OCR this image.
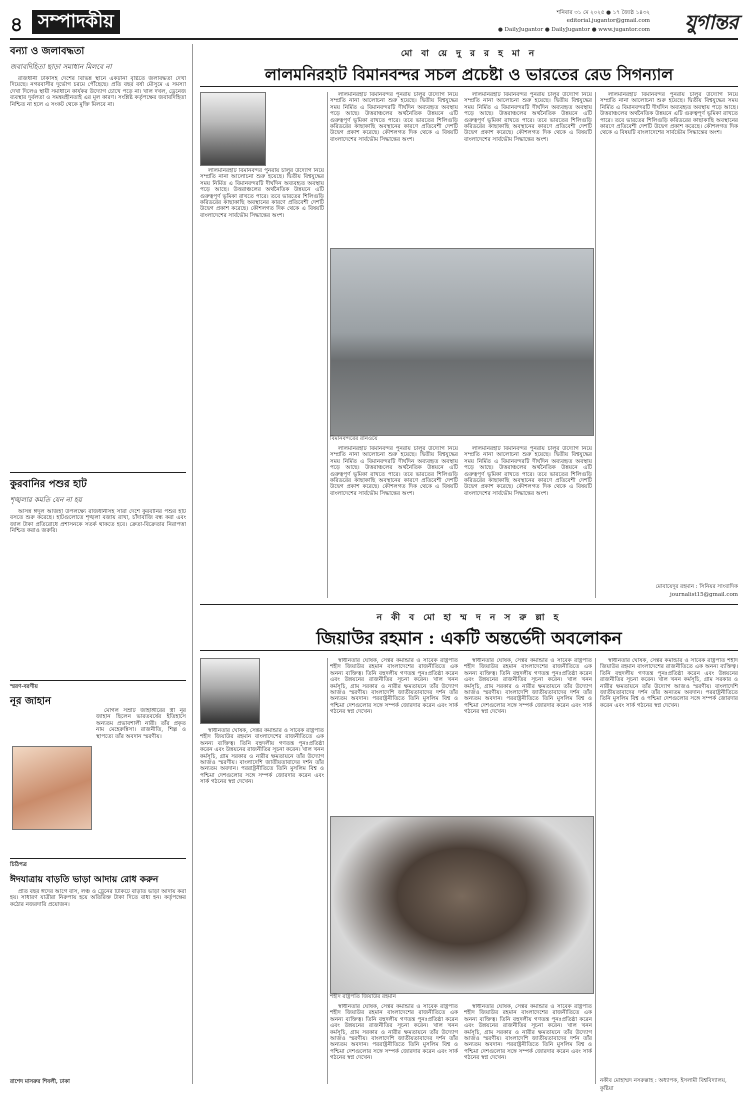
৪ সম্পাদকীয়	শনিবার ৩১ মে ২০২৫ ● ১৭ জ্যৈষ্ঠ ১৪৩২
editorial.jugantor@gmail.com
● DailyJugantor ● DailyJugantor ● www.jugantor.com	যুগান্তর
বন্যা ও জলাবদ্ধতা
জবাবদিহিতা ছাড়া সমাধান মিলবে না

রাজধানী ঢাকাসহ দেশের বিভিন্ন স্থানে একটানা বৃষ্টিতে জলাবদ্ধতা দেখা দিয়েছে। নগরবাসীর দুর্ভোগ চরমে পৌঁছেছে। প্রতি বছর বর্ষা মৌসুমে এ সমস্যা দেখা দিলেও স্থায়ী সমাধানে কার্যকর উদ্যোগ চোখে পড়ে না। খাল দখল, ড্রেনেজ ব্যবস্থার দুর্বলতা ও সমন্বয়হীনতাই এর মূল কারণ। সংশ্লিষ্ট কর্তৃপক্ষের জবাবদিহিতা নিশ্চিত না হলে এ সংকট থেকে মুক্তি মিলবে না।

কুরবানির পশুর হাট
শৃঙ্খলার কমতি যেন না হয়

আসন্ন ঈদুল আজহা উপলক্ষ্যে রাজধানীসহ সারা দেশে কুরবানির পশুর হাট বসতে শুরু করেছে। হাটগুলোতে শৃঙ্খলা বজায় রাখা, চাঁদাবাজি বন্ধ করা এবং জাল টাকা প্রতিরোধে প্রশাসনকে সতর্ক থাকতে হবে। ক্রেতা-বিক্রেতার নিরাপত্তা নিশ্চিত করাও জরুরি।

স্মরণ-বরণীয়
নূর জাহান

মোগল সম্রাট জাহাঙ্গীরের স্ত্রী নূর জাহান ছিলেন ভারতবর্ষের ইতিহাসে অন্যতম প্রভাবশালী নারী। তাঁর প্রকৃত নাম মেহেরুন্নিসা। রাজনীতি, শিল্প ও স্থাপত্যে তাঁর অবদান স্মরণীয়।

চিঠিপত্র
ঈদযাত্রায় বাড়তি ভাড়া আদায় রোধ করুন

প্রতি বছর ঈদের আগে বাস, লঞ্চ ও ট্রেনের টিকিটে বাড়তি ভাড়া আদায় করা হয়। সাধারণ যাত্রীরা নিরুপায় হয়ে অতিরিক্ত টাকা দিতে বাধ্য হন। কর্তৃপক্ষের কঠোর নজরদারি প্রয়োজন।

রাশেদ মাসরুর শিবলী, ঢাকা
মো বা য়ে দু র র হ মা ন
লালমনিরহাট বিমানবন্দর সচল প্রচেষ্টা ও ভারতের রেড সিগন্যাল

লালমনিরহাট বিমানবন্দর পুনরায় চালুর উদ্যোগ নিয়ে সম্প্রতি নানা আলোচনা শুরু হয়েছে। দ্বিতীয় বিশ্বযুদ্ধের সময় নির্মিত এ বিমানবন্দরটি দীর্ঘদিন অব্যবহৃত অবস্থায় পড়ে আছে। উত্তরাঞ্চলের অর্থনৈতিক উন্নয়নে এটি গুরুত্বপূর্ণ ভূমিকা রাখতে পারে। তবে ভারতের শিলিগুড়ি করিডরের কাছাকাছি অবস্থানের কারণে প্রতিবেশী দেশটি উদ্বেগ প্রকাশ করেছে। কৌশলগত দিক থেকে এ বিষয়টি বাংলাদেশের সার্বভৌম সিদ্ধান্তের অংশ।

লালমনিরহাট বিমানবন্দর পুনরায় চালুর উদ্যোগ নিয়ে সম্প্রতি নানা আলোচনা শুরু হয়েছে। দ্বিতীয় বিশ্বযুদ্ধের সময় নির্মিত এ বিমানবন্দরটি দীর্ঘদিন অব্যবহৃত অবস্থায় পড়ে আছে। উত্তরাঞ্চলের অর্থনৈতিক উন্নয়নে এটি গুরুত্বপূর্ণ ভূমিকা রাখতে পারে। তবে ভারতের শিলিগুড়ি করিডরের কাছাকাছি অবস্থানের কারণে প্রতিবেশী দেশটি উদ্বেগ প্রকাশ করেছে। কৌশলগত দিক থেকে এ বিষয়টি বাংলাদেশের সার্বভৌম সিদ্ধান্তের অংশ।

লালমনিরহাট বিমানবন্দর পুনরায় চালুর উদ্যোগ নিয়ে সম্প্রতি নানা আলোচনা শুরু হয়েছে। দ্বিতীয় বিশ্বযুদ্ধের সময় নির্মিত এ বিমানবন্দরটি দীর্ঘদিন অব্যবহৃত অবস্থায় পড়ে আছে। উত্তরাঞ্চলের অর্থনৈতিক উন্নয়নে এটি গুরুত্বপূর্ণ ভূমিকা রাখতে পারে। তবে ভারতের শিলিগুড়ি করিডরের কাছাকাছি অবস্থানের কারণে প্রতিবেশী দেশটি উদ্বেগ প্রকাশ করেছে। কৌশলগত দিক থেকে এ বিষয়টি বাংলাদেশের সার্বভৌম সিদ্ধান্তের অংশ।

লালমনিরহাট বিমানবন্দর পুনরায় চালুর উদ্যোগ নিয়ে সম্প্রতি নানা আলোচনা শুরু হয়েছে। দ্বিতীয় বিশ্বযুদ্ধের সময় নির্মিত এ বিমানবন্দরটি দীর্ঘদিন অব্যবহৃত অবস্থায় পড়ে আছে। উত্তরাঞ্চলের অর্থনৈতিক উন্নয়নে এটি গুরুত্বপূর্ণ ভূমিকা রাখতে পারে। তবে ভারতের শিলিগুড়ি করিডরের কাছাকাছি অবস্থানের কারণে প্রতিবেশী দেশটি উদ্বেগ প্রকাশ করেছে। কৌশলগত দিক থেকে এ বিষয়টি বাংলাদেশের সার্বভৌম সিদ্ধান্তের অংশ।

বিমানবন্দরের রানওয়ে

লালমনিরহাট বিমানবন্দর পুনরায় চালুর উদ্যোগ নিয়ে সম্প্রতি নানা আলোচনা শুরু হয়েছে। দ্বিতীয় বিশ্বযুদ্ধের সময় নির্মিত এ বিমানবন্দরটি দীর্ঘদিন অব্যবহৃত অবস্থায় পড়ে আছে। উত্তরাঞ্চলের অর্থনৈতিক উন্নয়নে এটি গুরুত্বপূর্ণ ভূমিকা রাখতে পারে। তবে ভারতের শিলিগুড়ি করিডরের কাছাকাছি অবস্থানের কারণে প্রতিবেশী দেশটি উদ্বেগ প্রকাশ করেছে। কৌশলগত দিক থেকে এ বিষয়টি বাংলাদেশের সার্বভৌম সিদ্ধান্তের অংশ।

লালমনিরহাট বিমানবন্দর পুনরায় চালুর উদ্যোগ নিয়ে সম্প্রতি নানা আলোচনা শুরু হয়েছে। দ্বিতীয় বিশ্বযুদ্ধের সময় নির্মিত এ বিমানবন্দরটি দীর্ঘদিন অব্যবহৃত অবস্থায় পড়ে আছে। উত্তরাঞ্চলের অর্থনৈতিক উন্নয়নে এটি গুরুত্বপূর্ণ ভূমিকা রাখতে পারে। তবে ভারতের শিলিগুড়ি করিডরের কাছাকাছি অবস্থানের কারণে প্রতিবেশী দেশটি উদ্বেগ প্রকাশ করেছে। কৌশলগত দিক থেকে এ বিষয়টি বাংলাদেশের সার্বভৌম সিদ্ধান্তের অংশ।

মোবায়েদুর রহমান : সিনিয়র সাংবাদিক
journalist15@gmail.com
ন কী ব মো হা ম্ম দ ন স রু ল্লা হ
জিয়াউর রহমান : একটি অন্তর্ভেদী অবলোকন

স্বাধীনতার ঘোষক, সেক্টর কমান্ডার ও সাবেক রাষ্ট্রপতি শহীদ জিয়াউর রহমান বাংলাদেশের রাজনীতিতে এক অনন্য ব্যক্তিত্ব। তিনি বহুদলীয় গণতন্ত্র পুনঃপ্রতিষ্ঠা করেন এবং উন্নয়নের রাজনীতির সূচনা করেন। খাল খনন কর্মসূচি, গ্রাম সরকার ও নারীর ক্ষমতায়নে তাঁর উদ্যোগ আজও স্মরণীয়। বাংলাদেশি জাতীয়তাবাদের দর্শন তাঁর অন্যতম অবদান। পররাষ্ট্রনীতিতে তিনি মুসলিম বিশ্ব ও পশ্চিমা দেশগুলোর সঙ্গে সম্পর্ক জোরদার করেন এবং সার্ক গঠনের স্বপ্ন দেখেন।

স্বাধীনতার ঘোষক, সেক্টর কমান্ডার ও সাবেক রাষ্ট্রপতি শহীদ জিয়াউর রহমান বাংলাদেশের রাজনীতিতে এক অনন্য ব্যক্তিত্ব। তিনি বহুদলীয় গণতন্ত্র পুনঃপ্রতিষ্ঠা করেন এবং উন্নয়নের রাজনীতির সূচনা করেন। খাল খনন কর্মসূচি, গ্রাম সরকার ও নারীর ক্ষমতায়নে তাঁর উদ্যোগ আজও স্মরণীয়। বাংলাদেশি জাতীয়তাবাদের দর্শন তাঁর অন্যতম অবদান। পররাষ্ট্রনীতিতে তিনি মুসলিম বিশ্ব ও পশ্চিমা দেশগুলোর সঙ্গে সম্পর্ক জোরদার করেন এবং সার্ক গঠনের স্বপ্ন দেখেন।

স্বাধীনতার ঘোষক, সেক্টর কমান্ডার ও সাবেক রাষ্ট্রপতি শহীদ জিয়াউর রহমান বাংলাদেশের রাজনীতিতে এক অনন্য ব্যক্তিত্ব। তিনি বহুদলীয় গণতন্ত্র পুনঃপ্রতিষ্ঠা করেন এবং উন্নয়নের রাজনীতির সূচনা করেন। খাল খনন কর্মসূচি, গ্রাম সরকার ও নারীর ক্ষমতায়নে তাঁর উদ্যোগ আজও স্মরণীয়। বাংলাদেশি জাতীয়তাবাদের দর্শন তাঁর অন্যতম অবদান। পররাষ্ট্রনীতিতে তিনি মুসলিম বিশ্ব ও পশ্চিমা দেশগুলোর সঙ্গে সম্পর্ক জোরদার করেন এবং সার্ক গঠনের স্বপ্ন দেখেন।

স্বাধীনতার ঘোষক, সেক্টর কমান্ডার ও সাবেক রাষ্ট্রপতি শহীদ জিয়াউর রহমান বাংলাদেশের রাজনীতিতে এক অনন্য ব্যক্তিত্ব। তিনি বহুদলীয় গণতন্ত্র পুনঃপ্রতিষ্ঠা করেন এবং উন্নয়নের রাজনীতির সূচনা করেন। খাল খনন কর্মসূচি, গ্রাম সরকার ও নারীর ক্ষমতায়নে তাঁর উদ্যোগ আজও স্মরণীয়। বাংলাদেশি জাতীয়তাবাদের দর্শন তাঁর অন্যতম অবদান। পররাষ্ট্রনীতিতে তিনি মুসলিম বিশ্ব ও পশ্চিমা দেশগুলোর সঙ্গে সম্পর্ক জোরদার করেন এবং সার্ক গঠনের স্বপ্ন দেখেন।

শহীদ রাষ্ট্রপতি জিয়াউর রহমান

স্বাধীনতার ঘোষক, সেক্টর কমান্ডার ও সাবেক রাষ্ট্রপতি শহীদ জিয়াউর রহমান বাংলাদেশের রাজনীতিতে এক অনন্য ব্যক্তিত্ব। তিনি বহুদলীয় গণতন্ত্র পুনঃপ্রতিষ্ঠা করেন এবং উন্নয়নের রাজনীতির সূচনা করেন। খাল খনন কর্মসূচি, গ্রাম সরকার ও নারীর ক্ষমতায়নে তাঁর উদ্যোগ আজও স্মরণীয়। বাংলাদেশি জাতীয়তাবাদের দর্শন তাঁর অন্যতম অবদান। পররাষ্ট্রনীতিতে তিনি মুসলিম বিশ্ব ও পশ্চিমা দেশগুলোর সঙ্গে সম্পর্ক জোরদার করেন এবং সার্ক গঠনের স্বপ্ন দেখেন।

স্বাধীনতার ঘোষক, সেক্টর কমান্ডার ও সাবেক রাষ্ট্রপতি শহীদ জিয়াউর রহমান বাংলাদেশের রাজনীতিতে এক অনন্য ব্যক্তিত্ব। তিনি বহুদলীয় গণতন্ত্র পুনঃপ্রতিষ্ঠা করেন এবং উন্নয়নের রাজনীতির সূচনা করেন। খাল খনন কর্মসূচি, গ্রাম সরকার ও নারীর ক্ষমতায়নে তাঁর উদ্যোগ আজও স্মরণীয়। বাংলাদেশি জাতীয়তাবাদের দর্শন তাঁর অন্যতম অবদান। পররাষ্ট্রনীতিতে তিনি মুসলিম বিশ্ব ও পশ্চিমা দেশগুলোর সঙ্গে সম্পর্ক জোরদার করেন এবং সার্ক গঠনের স্বপ্ন দেখেন।

নকীব মোহাম্মদ নসরুল্লাহ : অধ্যাপক, ইসলামী বিশ্ববিদ্যালয়, কুষ্টিয়া
